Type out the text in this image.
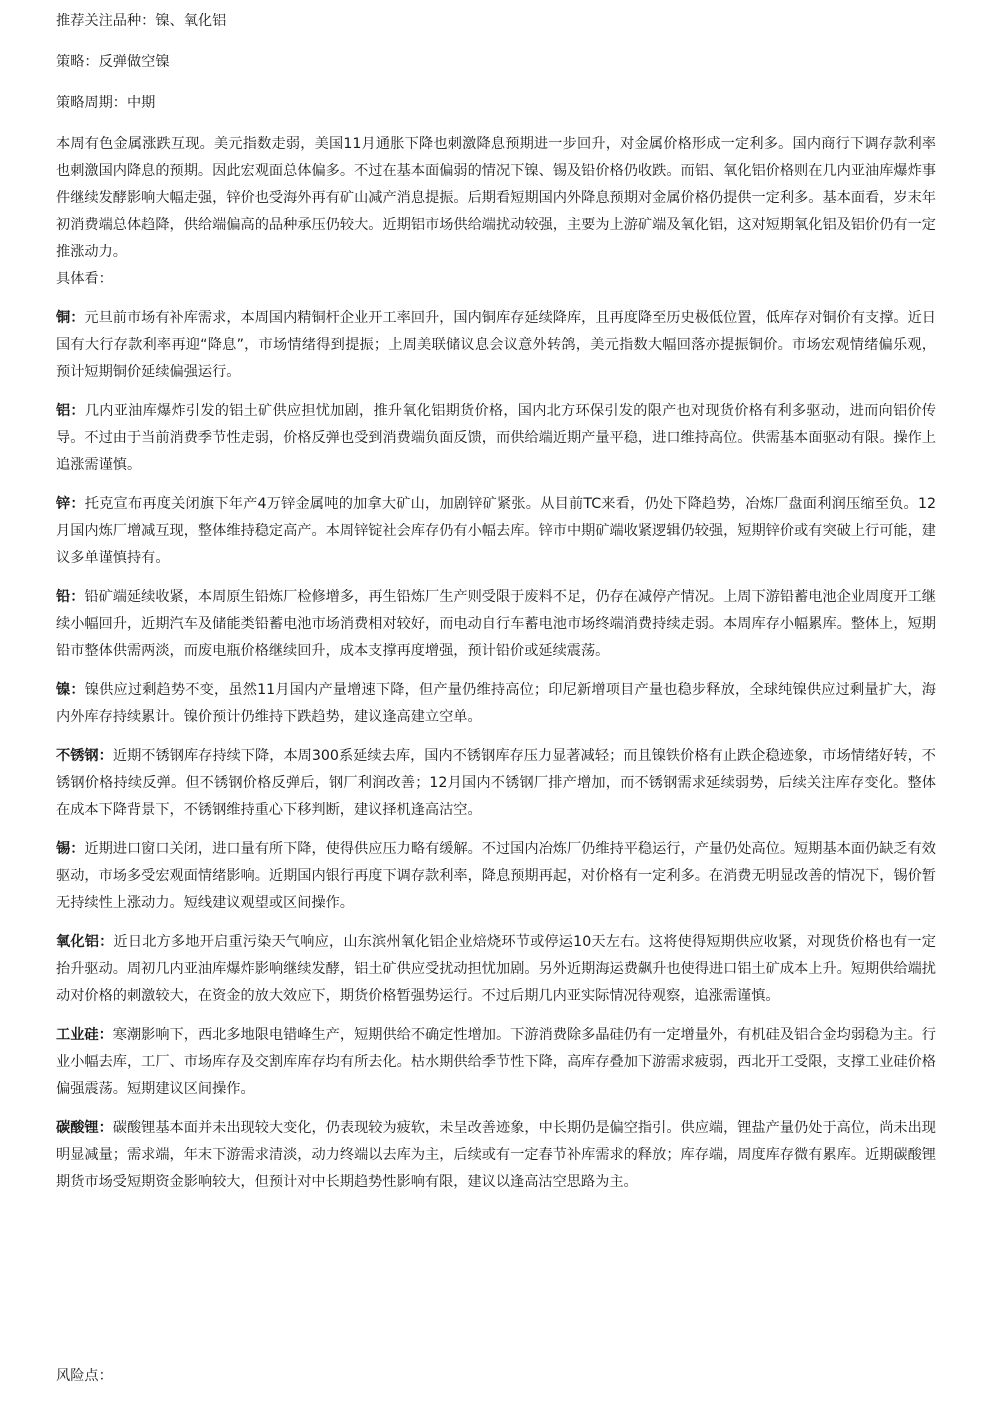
推荐关注品种：镍、氧化铝

策略：反弹做空镍

策略周期：中期

本周有色金属涨跌互现。美元指数走弱，美国11月通胀下降也刺激降息预期进一步回升，对金属价格形成一定利多。国内商行下调存款利率也刺激国内降息的预期。因此宏观面总体偏多。不过在基本面偏弱的情况下镍、锡及铅价格仍收跌。而铝、氧化铝价格则在几内亚油库爆炸事件继续发酵影响大幅走强，锌价也受海外再有矿山减产消息提振。后期看短期国内外降息预期对金属价格仍提供一定利多。基本面看，岁末年初消费端总体趋降，供给端偏高的品种承压仍较大。近期铝市场供给端扰动较强，主要为上游矿端及氧化铝，这对短期氧化铝及铝价仍有一定推涨动力。

具体看：

铜：元旦前市场有补库需求，本周国内精铜杆企业开工率回升，国内铜库存延续降库，且再度降至历史极低位置，低库存对铜价有支撑。近日国有大行存款利率再迎“降息”，市场情绪得到提振；上周美联储议息会议意外转鸽，美元指数大幅回落亦提振铜价。市场宏观情绪偏乐观，预计短期铜价延续偏强运行。

铝：几内亚油库爆炸引发的铝土矿供应担忧加剧，推升氧化铝期货价格，国内北方环保引发的限产也对现货价格有利多驱动，进而向铝价传导。不过由于当前消费季节性走弱，价格反弹也受到消费端负面反馈，而供给端近期产量平稳，进口维持高位。供需基本面驱动有限。操作上追涨需谨慎。

锌：托克宣布再度关闭旗下年产4万锌金属吨的加拿大矿山，加剧锌矿紧张。从目前TC来看，仍处下降趋势，冶炼厂盘面利润压缩至负。12月国内炼厂增减互现，整体维持稳定高产。本周锌锭社会库存仍有小幅去库。锌市中期矿端收紧逻辑仍较强，短期锌价或有突破上行可能，建议多单谨慎持有。

铅：铅矿端延续收紧，本周原生铅炼厂检修增多，再生铅炼厂生产则受限于废料不足，仍存在减停产情况。上周下游铅蓄电池企业周度开工继续小幅回升，近期汽车及储能类铅蓄电池市场消费相对较好，而电动自行车蓄电池市场终端消费持续走弱。本周库存小幅累库。整体上，短期铅市整体供需两淡，而废电瓶价格继续回升，成本支撑再度增强，预计铅价或延续震荡。

镍：镍供应过剩趋势不变，虽然11月国内产量增速下降，但产量仍维持高位；印尼新增项目产量也稳步释放，全球纯镍供应过剩量扩大，海内外库存持续累计。镍价预计仍维持下跌趋势，建议逢高建立空单。

不锈钢：近期不锈钢库存持续下降，本周300系延续去库，国内不锈钢库存压力显著减轻；而且镍铁价格有止跌企稳迹象，市场情绪好转，不锈钢价格持续反弹。但不锈钢价格反弹后，钢厂利润改善；12月国内不锈钢厂排产增加，而不锈钢需求延续弱势，后续关注库存变化。整体在成本下降背景下，不锈钢维持重心下移判断，建议择机逢高沽空。

锡：近期进口窗口关闭，进口量有所下降，使得供应压力略有缓解。不过国内冶炼厂仍维持平稳运行，产量仍处高位。短期基本面仍缺乏有效驱动，市场多受宏观面情绪影响。近期国内银行再度下调存款利率，降息预期再起，对价格有一定利多。在消费无明显改善的情况下，锡价暂无持续性上涨动力。短线建议观望或区间操作。

氧化铝：近日北方多地开启重污染天气响应，山东滨州氧化铝企业焙烧环节或停运10天左右。这将使得短期供应收紧，对现货价格也有一定抬升驱动。周初几内亚油库爆炸影响继续发酵，铝土矿供应受扰动担忧加剧。另外近期海运费飙升也使得进口铝土矿成本上升。短期供给端扰动对价格的刺激较大，在资金的放大效应下，期货价格暂强势运行。不过后期几内亚实际情况待观察，追涨需谨慎。

工业硅：寒潮影响下，西北多地限电错峰生产，短期供给不确定性增加。下游消费除多晶硅仍有一定增量外，有机硅及铝合金均弱稳为主。行业小幅去库，工厂、市场库存及交割库库存均有所去化。枯水期供给季节性下降，高库存叠加下游需求疲弱，西北开工受限，支撑工业硅价格偏强震荡。短期建议区间操作。

碳酸锂：碳酸锂基本面并未出现较大变化，仍表现较为疲软，未呈改善迹象，中长期仍是偏空指引。供应端，锂盐产量仍处于高位，尚未出现明显减量；需求端，年末下游需求清淡，动力终端以去库为主，后续或有一定春节补库需求的释放；库存端，周度库存微有累库。近期碳酸锂期货市场受短期资金影响较大，但预计对中长期趋势性影响有限，建议以逢高沽空思路为主。

风险点：
